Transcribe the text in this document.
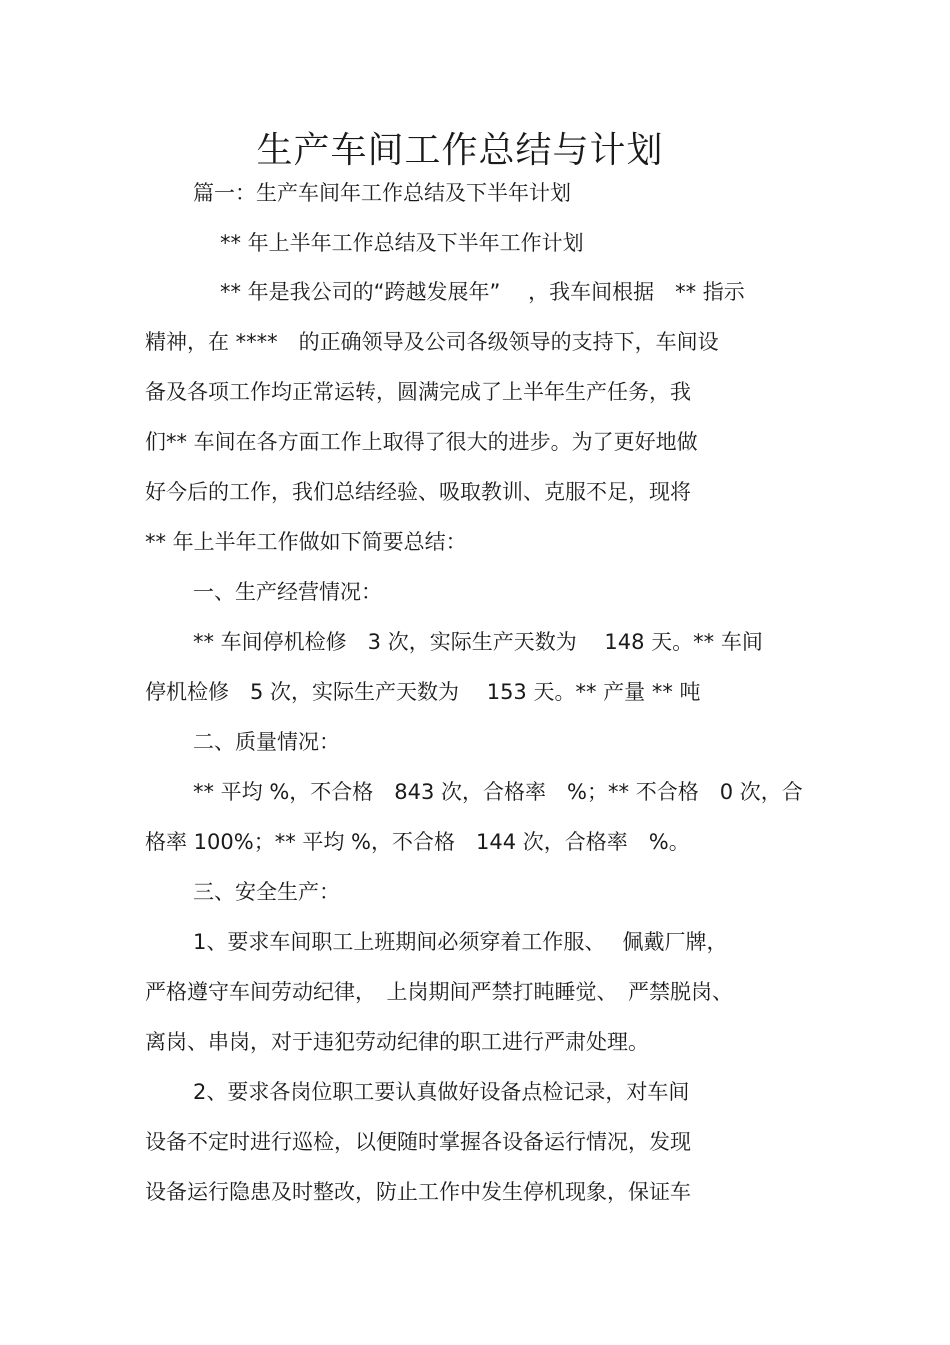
生产车间工作总结与计划
篇一：生产车间年工作总结及下半年计划
** 年上半年工作总结及下半年工作计划
** 年是我公司的“跨越发展年”　 ，我车间根据　** 指示
精神，在 ****　的正确领导及公司各级领导的支持下，车间设
备及各项工作均正常运转，圆满完成了上半年生产任务，我
们** 车间在各方面工作上取得了很大的进步。为了更好地做
好今后的工作，我们总结经验、吸取教训、克服不足，现将
** 年上半年工作做如下简要总结：
一、生产经营情况：
** 车间停机检修　3 次，实际生产天数为　 148 天。** 车间
停机检修　5 次，实际生产天数为　 153 天。** 产量 ** 吨
二、质量情况：
** 平均 %，不合格　843 次，合格率　%；** 不合格　0 次，合
格率 100%；** 平均 %，不合格　144 次，合格率　%。
三、安全生产：
1、要求车间职工上班期间必须穿着工作服、　 佩戴厂牌，
严格遵守车间劳动纪律，　上岗期间严禁打盹睡觉、　严禁脱岗、
离岗、串岗，对于违犯劳动纪律的职工进行严肃处理。
2、要求各岗位职工要认真做好设备点检记录，对车间
设备不定时进行巡检，以便随时掌握各设备运行情况，发现
设备运行隐患及时整改，防止工作中发生停机现象，保证车
